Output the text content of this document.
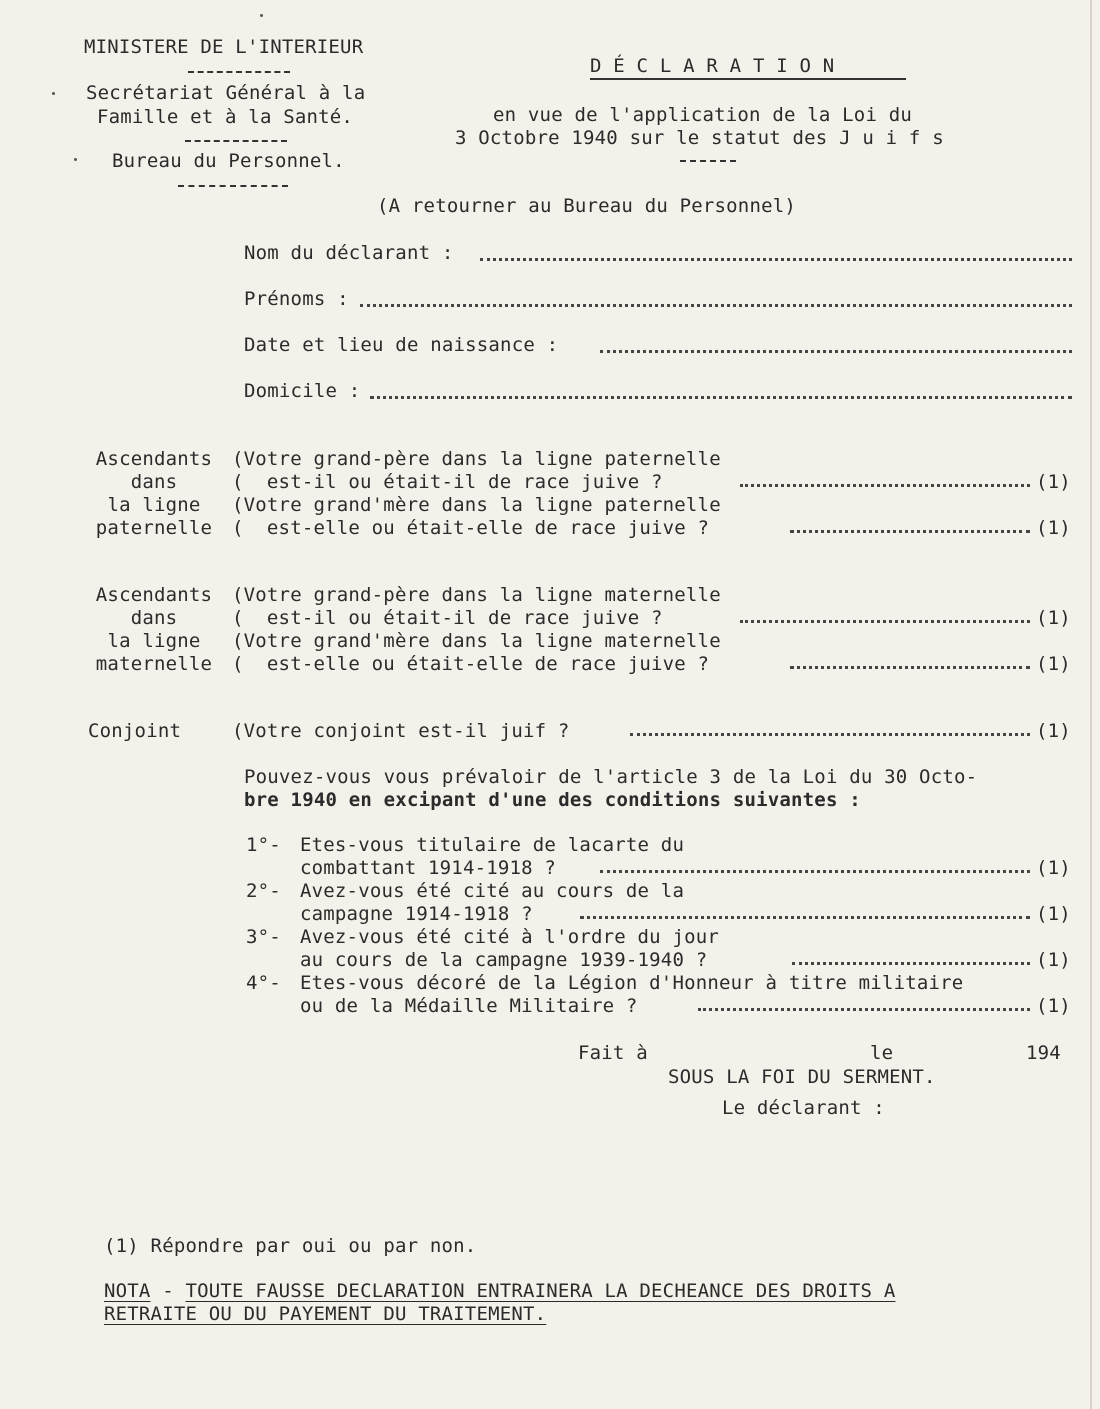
MINISTERE DE L'INTERIEUR
Secrétariat Général à la
Famille et à la Santé.
Bureau du Personnel.
D É C L A R A T I O N
en vue de l'application de la Loi du
3 Octobre 1940 sur le statut des J u i f s
(A retourner au Bureau du Personnel)
Nom du déclarant :
Prénoms :
Date et lieu de naissance :
Domicile :
Ascendants
dans
la ligne
paternelle
(Votre grand-père dans la ligne paternelle
(  est-il ou était-il de race juive ?	(1)
(Votre grand'mère dans la ligne paternelle
(  est-elle ou était-elle de race juive ?	(1)
Ascendants
dans
la ligne
maternelle
(Votre grand-père dans la ligne maternelle
(  est-il ou était-il de race juive ?	(1)
(Votre grand'mère dans la ligne maternelle
(  est-elle ou était-elle de race juive ?	(1)
Conjoint	(Votre conjoint est-il juif ?	(1)
Pouvez-vous vous prévaloir de l'article 3 de la Loi du 30 Octo-
bre 1940 en excipant d'une des conditions suivantes :
1°- Etes-vous titulaire de lacarte du
combattant 1914-1918 ?	(1)
2°- Avez-vous été cité au cours de la
campagne 1914-1918 ?	(1)
3°- Avez-vous été cité à l'ordre du jour
au cours de la campagne 1939-1940 ?	(1)
4°- Etes-vous décoré de la Légion d'Honneur à titre militaire
ou de la Médaille Militaire ?	(1)
Fait à	le	194
SOUS LA FOI DU SERMENT.
Le déclarant :
(1) Répondre par oui ou par non.
NOTA - TOUTE FAUSSE DECLARATION ENTRAINERA LA DECHEANCE DES DROITS A
RETRAITE OU DU PAYEMENT DU TRAITEMENT.
